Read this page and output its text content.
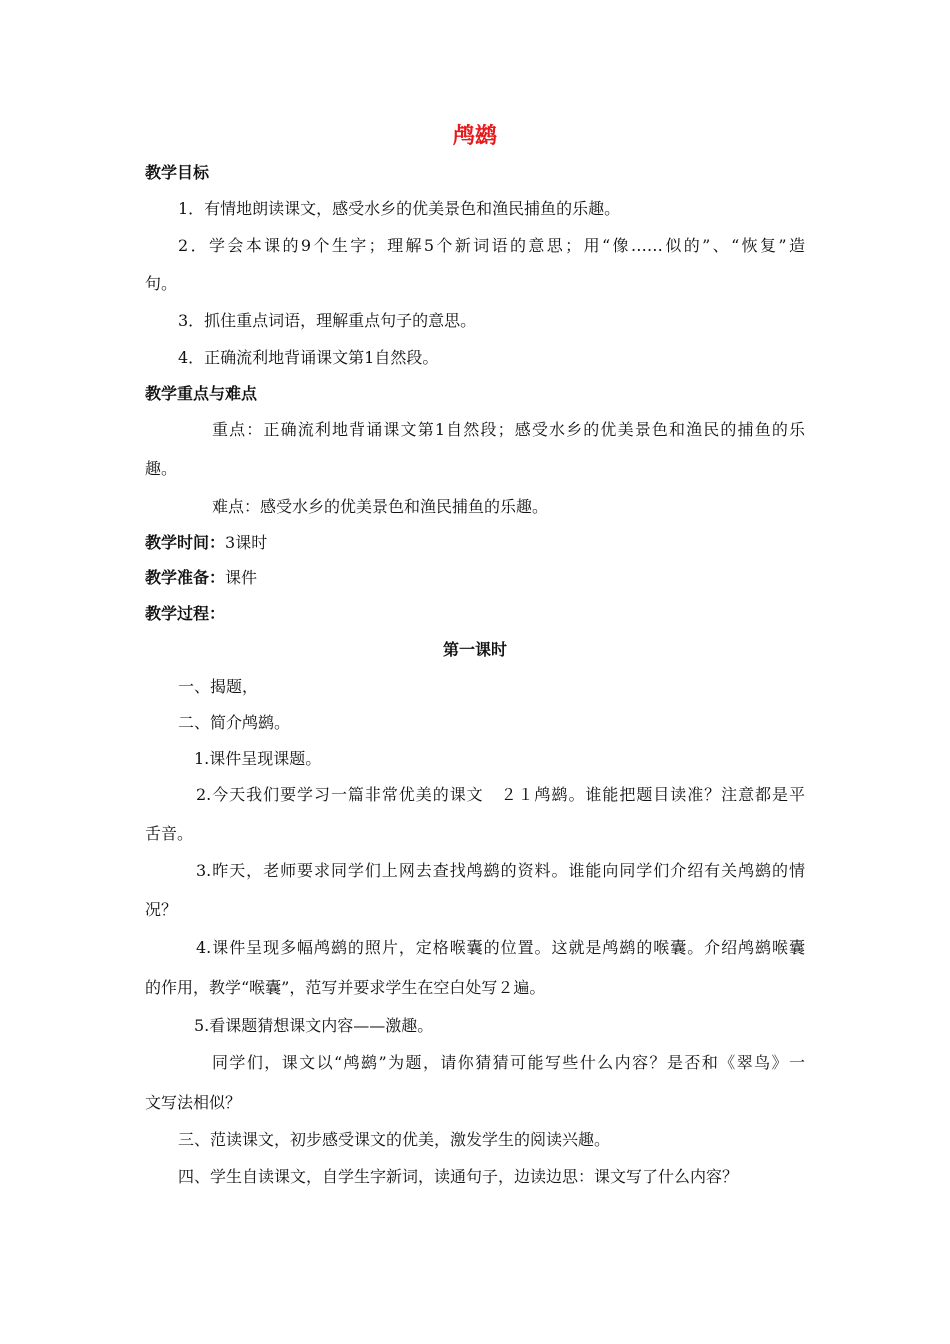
鸬鹚
教学目标
1．有情地朗读课文，感受水乡的优美景色和渔民捕鱼的乐趣。
2．学会本课的9个生字；理解5个新词语的意思；用“像……似的”、“恢复”造
句。
3．抓住重点词语，理解重点句子的意思。
4．正确流利地背诵课文第1自然段。
教学重点与难点
重点：正确流利地背诵课文第1自然段；感受水乡的优美景色和渔民的捕鱼的乐
趣。
难点：感受水乡的优美景色和渔民捕鱼的乐趣。
教学时间：3课时
教学准备：课件
教学过程：
第一课时
一、揭题，
二、简介鸬鹚。
1.课件呈现课题。
2.今天我们要学习一篇非常优美的课文　２１鸬鹚。谁能把题目读准？注意都是平
舌音。
3.昨天，老师要求同学们上网去查找鸬鹚的资料。谁能向同学们介绍有关鸬鹚的情
况？
4.课件呈现多幅鸬鹚的照片，定格喉囊的位置。这就是鸬鹚的喉囊。介绍鸬鹚喉囊
的作用，教学“喉囊”，范写并要求学生在空白处写２遍。
5.看课题猜想课文内容——激趣。
同学们，课文以“鸬鹚”为题，请你猜猜可能写些什么内容？是否和《翠鸟》一
文写法相似？
三、范读课文，初步感受课文的优美，激发学生的阅读兴趣。
四、学生自读课文，自学生字新词，读通句子，边读边思：课文写了什么内容？
